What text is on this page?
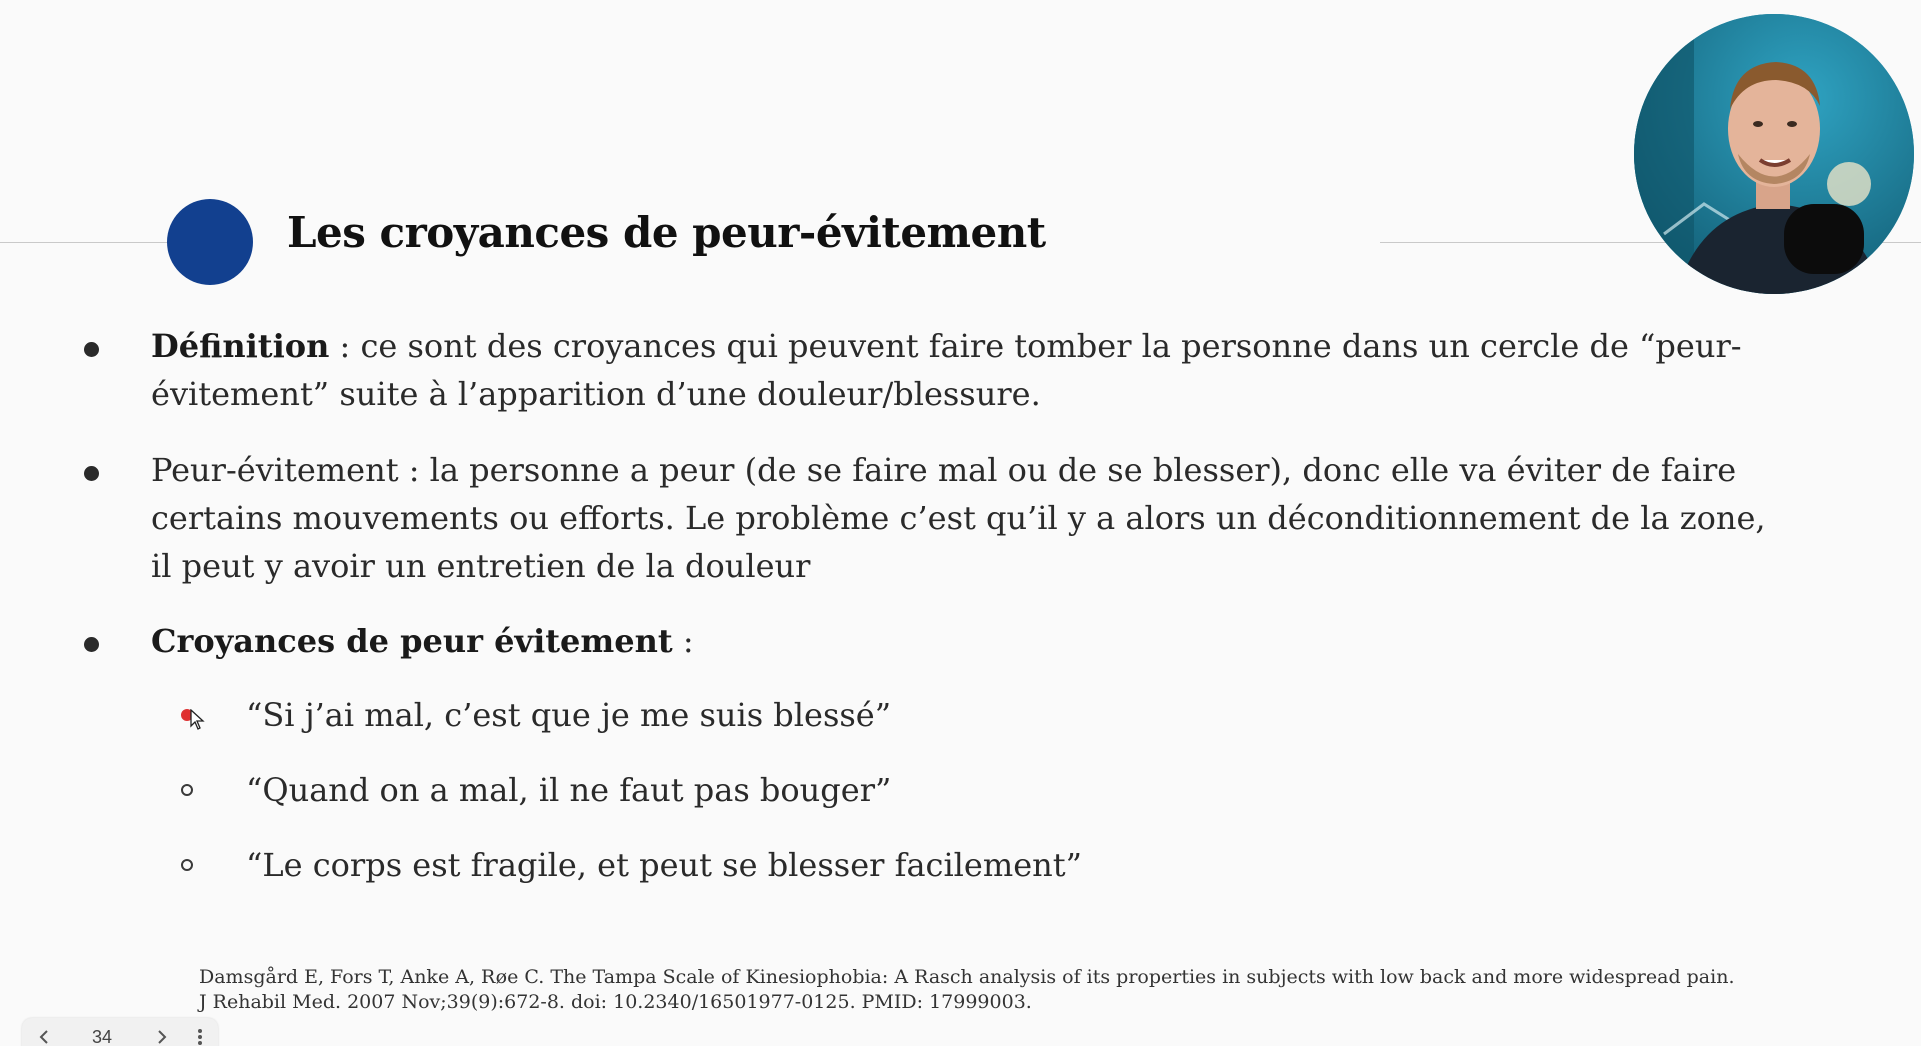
Les croyances de peur-évitement
Définition : ce sont des croyances qui peuvent faire tomber la personne dans un cercle de “peur-évitement” suite à l’apparition d’une douleur/blessure.
Peur-évitement : la personne a peur (de se faire mal ou de se blesser), donc elle va éviter de faire certains mouvements ou efforts. Le problème c’est qu’il y a alors un déconditionnement de la zone, il peut y avoir un entretien de la douleur
Croyances de peur évitement :
“Si j’ai mal, c’est que je me suis blessé”
“Quand on a mal, il ne faut pas bouger”
“Le corps est fragile, et peut se blesser facilement”
Damsgård E, Fors T, Anke A, Røe C. The Tampa Scale of Kinesiophobia: A Rasch analysis of its properties in subjects with low back and more widespread pain. J Rehabil Med. 2007 Nov;39(9):672-8. doi: 10.2340/16501977-0125. PMID: 17999003.
34
